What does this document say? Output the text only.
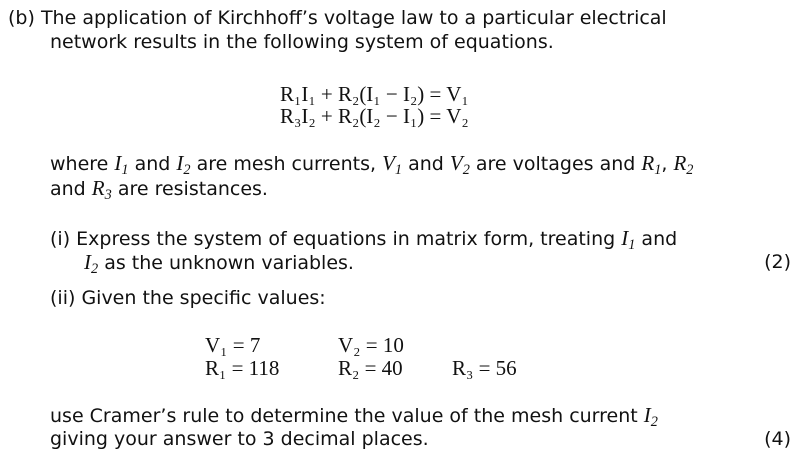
(b) The application of Kirchhoff’s voltage law to a particular electrical
network results in the following system of equations.
R₁I₁ + R₂(I₁ − I₂) = V₁
R₃I₂ + R₂(I₂ − I₁) = V₂
where $I_1$ and $I_2$ are mesh currents, $V_1$ and $V_2$ are voltages and $R_1$, $R_2$
and $R_3$ are resistances.
(i) Express the system of equations in matrix form, treating $I_1$ and
$I_2$ as the unknown variables.	(2)
(ii) Given the specific values:
V₁ = 7	V₂ = 10
R₁ = 118	R₂ = 40 R₃ = 56
use Cramer’s rule to determine the value of the mesh current $I_2$
giving your answer to 3 decimal places.	(4)
